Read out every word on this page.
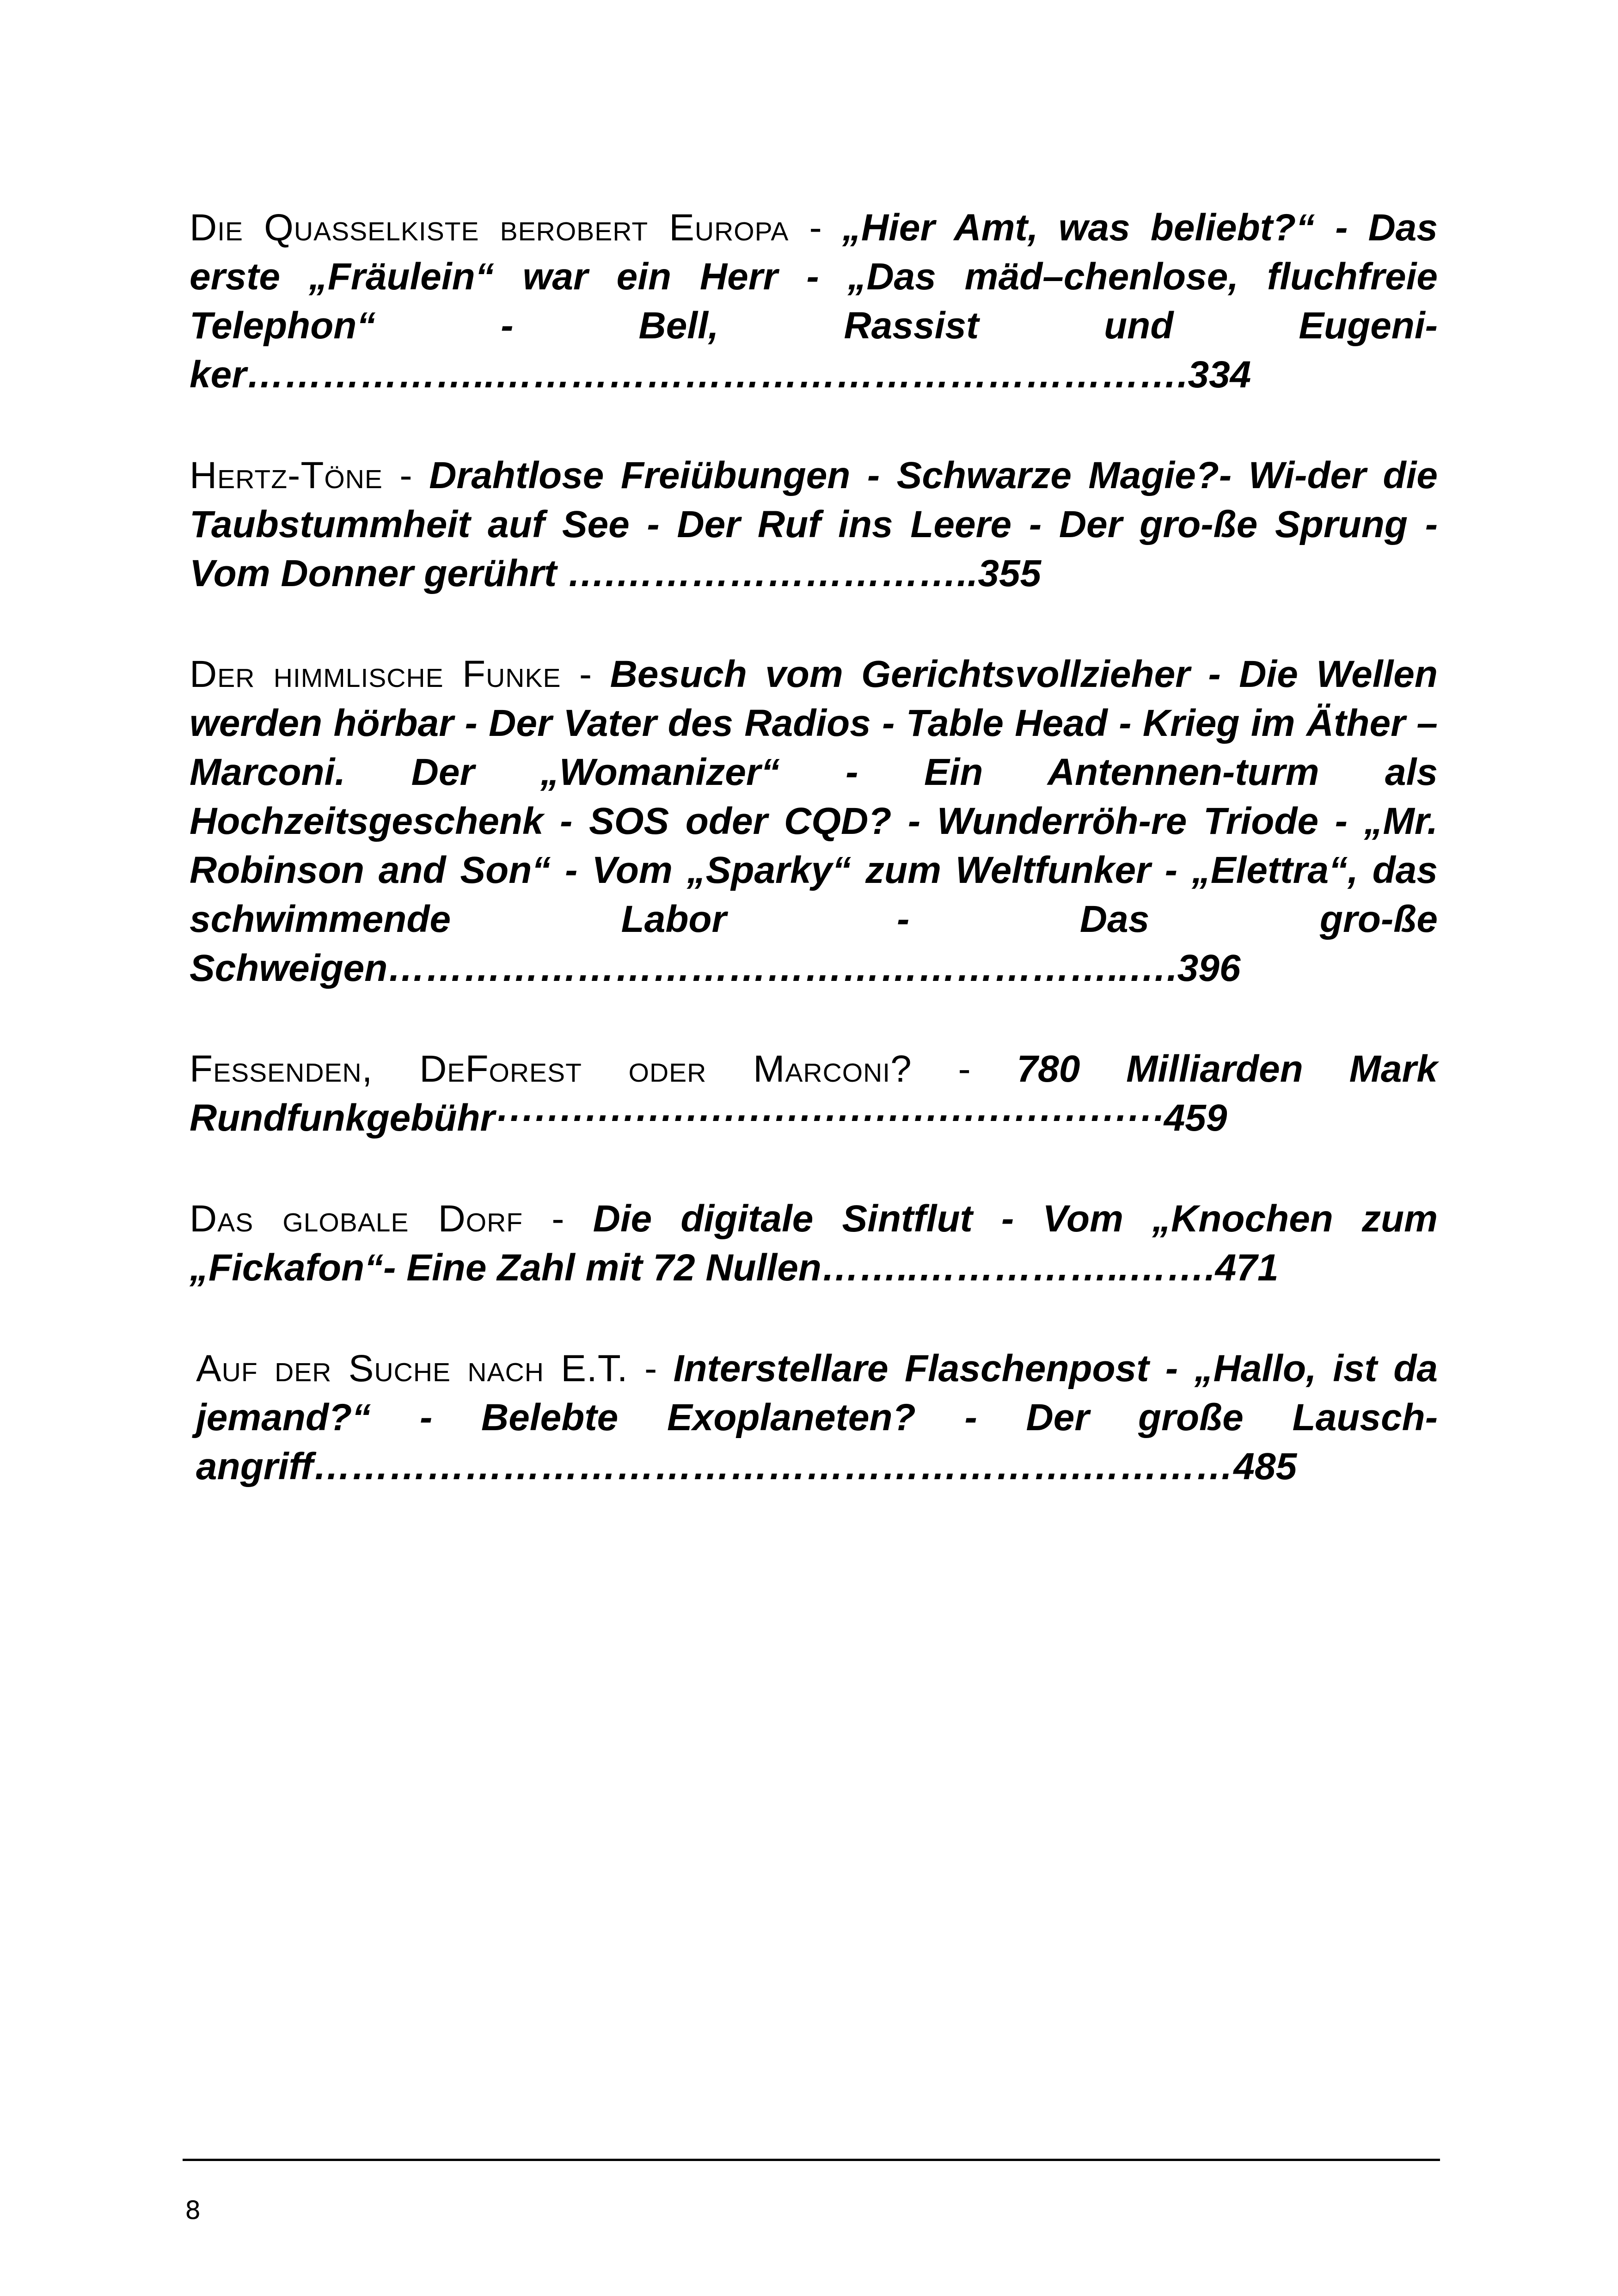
Die Quasselkiste berobert Europa - „Hier Amt, was beliebt?“ - Das erste „Fräulein“ war ein Herr - „Das mäd–chenlose, fluchfreie Telephon“ - Bell, Rassist und Eugeni-ker………………..……………………………………………….334

Hertz-Töne - Drahtlose Freiübungen - Schwarze Magie?- Wi-der die Taubstummheit auf See - Der Ruf ins Leere - Der gro-ße Sprung - Vom Donner gerührt ….………………………..355

Der himmlische Funke - Besuch vom Gerichtsvollzieher - Die Wellen werden hörbar - Der Vater des Radios - Table Head - Krieg im Äther – Marconi. Der „Womanizer“ - Ein Antennen-turm als Hochzeitsgeschenk - SOS oder CQD? - Wunderröh-re Triode - „Mr. Robinson and Son“ - Vom „Sparky“ zum Weltfunker - „Elettra“, das schwimmende Labor - Das gro-ße Schweigen…………………………………………………..….396

Fessenden, DeForest oder Marconi? - 780 Milliarden Mark Rundfunkgebühr·····················································459

Das globale Dorf - Die digitale Sintflut - Vom „Knochen zum „Fickafon“- Eine Zahl mit 72 Nullen……..……………..…….471

Auf der Suche nach E.T. - Interstellare Flaschenpost - „Hallo, ist da jemand?“ - Belebte Exoplaneten? - Der große Lausch-angriff…………………………………………………….…………485

8
